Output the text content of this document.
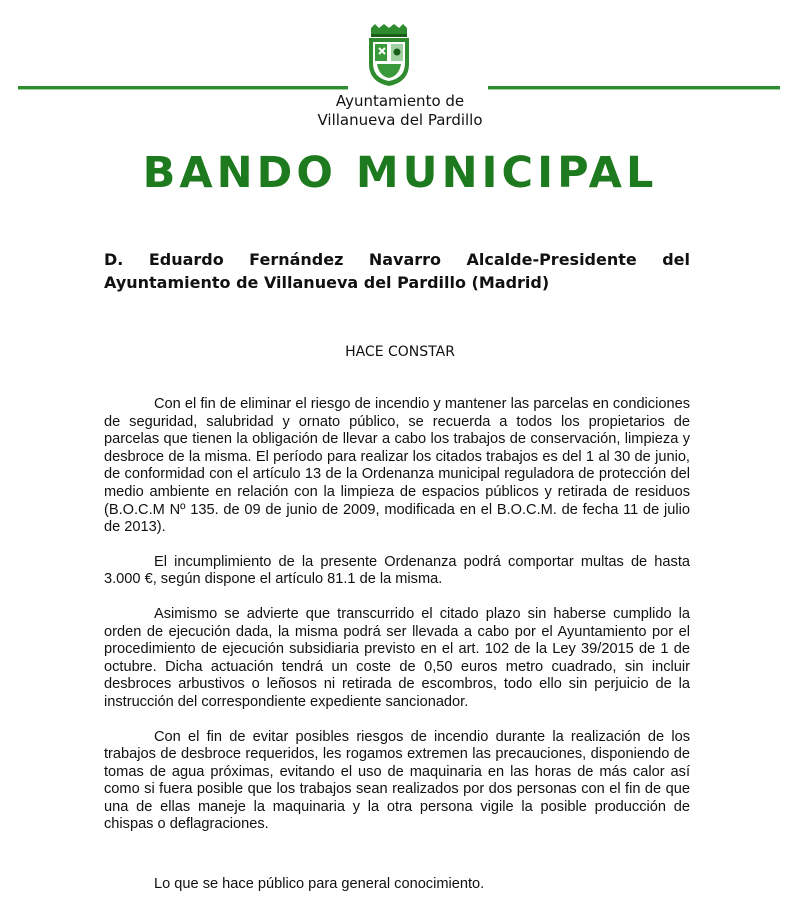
Ayuntamiento de
Villanueva del Pardillo
BANDO MUNICIPAL
D. Eduardo Fernández Navarro Alcalde-Presidente del
Ayuntamiento de Villanueva del Pardillo (Madrid)
HACE CONSTAR

Con el fin de eliminar el riesgo de incendio y mantener las parcelas en condiciones de seguridad, salubridad y ornato público, se recuerda a todos los propietarios de parcelas que tienen la obligación de llevar a cabo los trabajos de conservación, limpieza y desbroce de la misma. El período para realizar los citados trabajos es del 1 al 30 de junio, de conformidad con el artículo 13 de la Ordenanza municipal reguladora de protección del medio ambiente en relación con la limpieza de espacios públicos y retirada de residuos (B.O.C.M Nº 135. de 09 de junio de 2009, modificada en el B.O.C.M. de fecha 11 de julio de 2013).

El incumplimiento de la presente Ordenanza podrá comportar multas de hasta 3.000 €, según dispone el artículo 81.1 de la misma.

Asimismo se advierte que transcurrido el citado plazo sin haberse cumplido la orden de ejecución dada, la misma podrá ser llevada a cabo por el Ayuntamiento por el procedimiento de ejecución subsidiaria previsto en el art. 102 de la Ley 39/2015 de 1 de octubre. Dicha actuación tendrá un coste de 0,50 euros metro cuadrado, sin incluir desbroces arbustivos o leñosos ni retirada de escombros, todo ello sin perjuicio de la instrucción del correspondiente expediente sancionador.

Con el fin de evitar posibles riesgos de incendio durante la realización de los trabajos de desbroce requeridos, les rogamos extremen las precauciones, disponiendo de tomas de agua próximas, evitando el uso de maquinaria en las horas de más calor así como si fuera posible que los trabajos sean realizados por dos personas con el fin de que una de ellas maneje la maquinaria y la otra persona vigile la posible producción de chispas o deflagraciones.

Lo que se hace público para general conocimiento.
